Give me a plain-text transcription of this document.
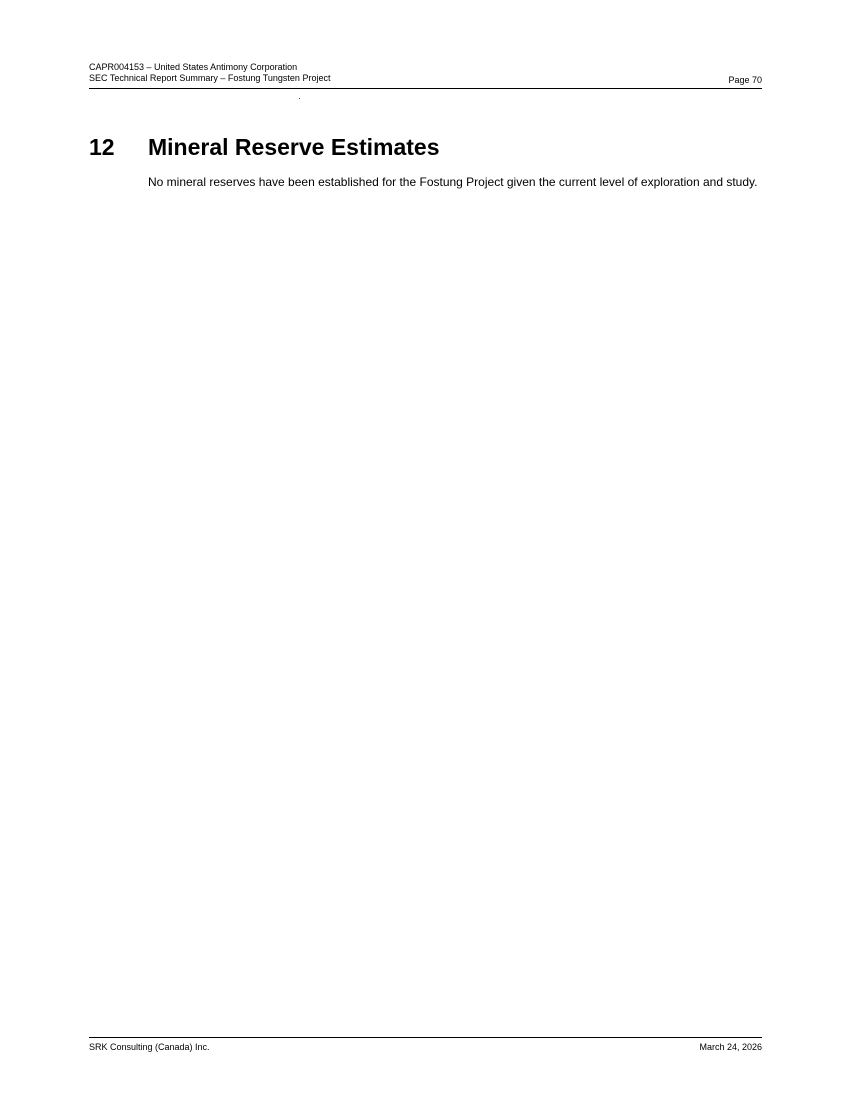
CAPR004153 – United States Antimony Corporation
SEC Technical Report Summary – Fostung Tungsten Project	Page 70
12	Mineral Reserve Estimates

No mineral reserves have been established for the Fostung Project given the current level of exploration and study.

SRK Consulting (Canada) Inc.	March 24, 2026
